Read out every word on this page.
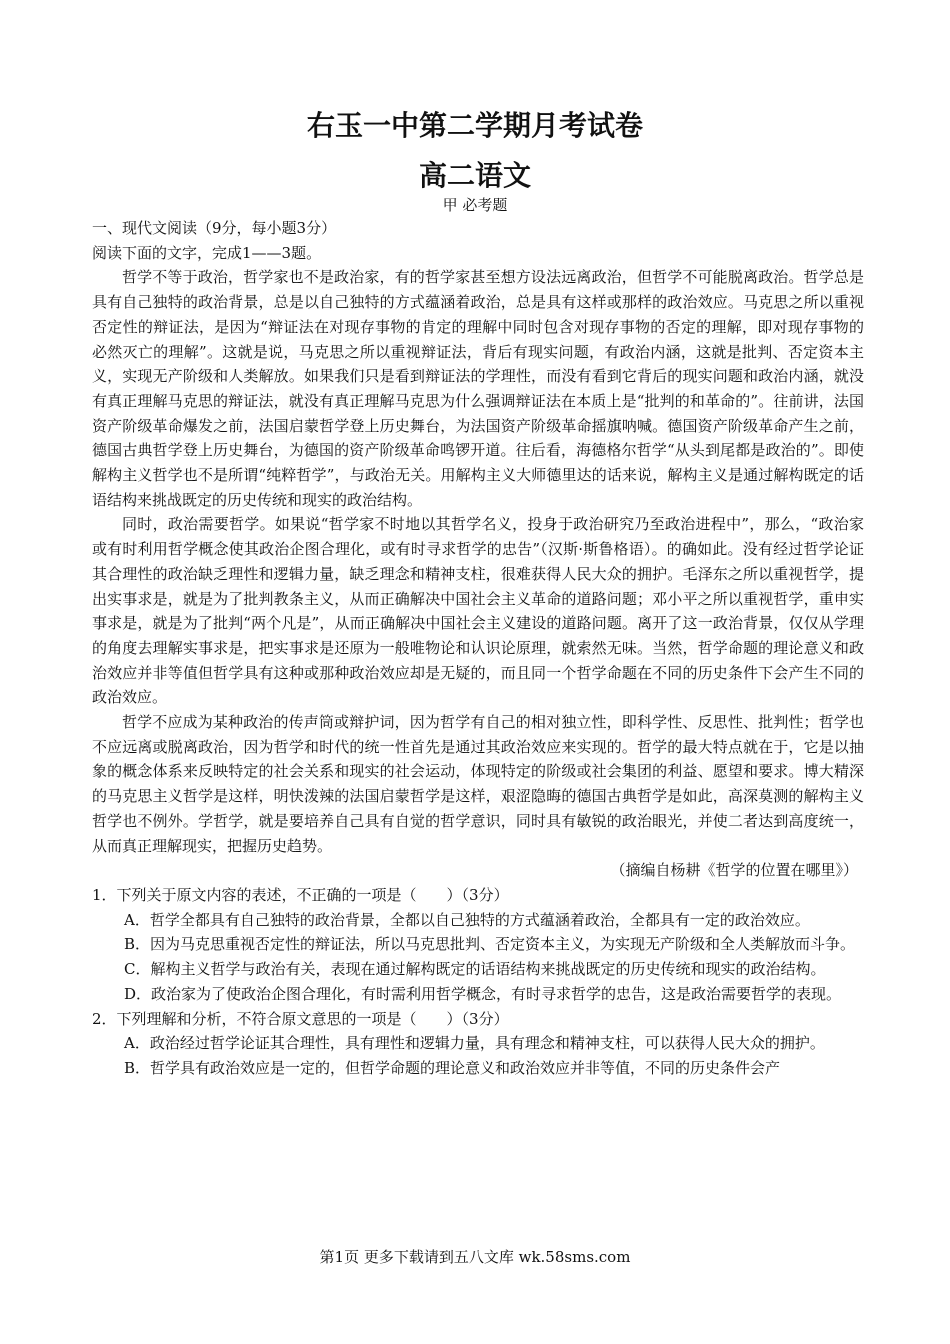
右玉一中第二学期月考试卷
高二语文
甲 必考题

一、现代文阅读（9分，每小题3分）

阅读下面的文字，完成1——3题。

哲学不等于政治，哲学家也不是政治家，有的哲学家甚至想方设法远离政治，但哲学不可能脱离政治。哲学总是具有自己独特的政治背景，总是以自己独特的方式蕴涵着政治，总是具有这样或那样的政治效应。马克思之所以重视否定性的辩证法，是因为“辩证法在对现存事物的肯定的理解中同时包含对现存事物的否定的理解，即对现存事物的必然灭亡的理解”。这就是说，马克思之所以重视辩证法，背后有现实问题，有政治内涵，这就是批判、否定资本主义，实现无产阶级和人类解放。如果我们只是看到辩证法的学理性，而没有看到它背后的现实问题和政治内涵，就没有真正理解马克思的辩证法，就没有真正理解马克思为什么强调辩证法在本质上是“批判的和革命的”。往前讲，法国资产阶级革命爆发之前，法国启蒙哲学登上历史舞台，为法国资产阶级革命摇旗呐喊。德国资产阶级革命产生之前，德国古典哲学登上历史舞台，为德国的资产阶级革命鸣锣开道。往后看，海德格尔哲学“从头到尾都是政治的”。即使解构主义哲学也不是所谓“纯粹哲学”，与政治无关。用解构主义大师德里达的话来说，解构主义是通过解构既定的话语结构来挑战既定的历史传统和现实的政治结构。

同时，政治需要哲学。如果说“哲学家不时地以其哲学名义，投身于政治研究乃至政治进程中”，那么，“政治家或有时利用哲学概念使其政治企图合理化，或有时寻求哲学的忠告”（汉斯·斯鲁格语）。的确如此。没有经过哲学论证其合理性的政治缺乏理性和逻辑力量，缺乏理念和精神支柱，很难获得人民大众的拥护。毛泽东之所以重视哲学，提出实事求是，就是为了批判教条主义，从而正确解决中国社会主义革命的道路问题；邓小平之所以重视哲学，重申实事求是，就是为了批判“两个凡是”，从而正确解决中国社会主义建设的道路问题。离开了这一政治背景，仅仅从学理的角度去理解实事求是，把实事求是还原为一般唯物论和认识论原理，就索然无味。当然，哲学命题的理论意义和政治效应并非等值但哲学具有这种或那种政治效应却是无疑的，而且同一个哲学命题在不同的历史条件下会产生不同的政治效应。

哲学不应成为某种政治的传声筒或辩护词，因为哲学有自己的相对独立性，即科学性、反思性、批判性；哲学也不应远离或脱离政治，因为哲学和时代的统一性首先是通过其政治效应来实现的。哲学的最大特点就在于，它是以抽象的概念体系来反映特定的社会关系和现实的社会运动，体现特定的阶级或社会集团的利益、愿望和要求。博大精深的马克思主义哲学是这样，明快泼辣的法国启蒙哲学是这样，艰涩隐晦的德国古典哲学是如此，高深莫测的解构主义哲学也不例外。学哲学，就是要培养自己具有自觉的哲学意识，同时具有敏锐的政治眼光，并使二者达到高度统一，从而真正理解现实，把握历史趋势。

（摘编自杨耕《哲学的位置在哪里》）

1．下列关于原文内容的表述，不正确的一项是（　　）（3分）

A．哲学全都具有自己独特的政治背景，全都以自己独特的方式蕴涵着政治，全都具有一定的政治效应。

B．因为马克思重视否定性的辩证法，所以马克思批判、否定资本主义，为实现无产阶级和全人类解放而斗争。

C．解构主义哲学与政治有关，表现在通过解构既定的话语结构来挑战既定的历史传统和现实的政治结构。

D．政治家为了使政治企图合理化，有时需利用哲学概念，有时寻求哲学的忠告，这是政治需要哲学的表现。

2．下列理解和分析，不符合原文意思的一项是（　　）（3分）

A．政治经过哲学论证其合理性，具有理性和逻辑力量，具有理念和精神支柱，可以获得人民大众的拥护。

B．哲学具有政治效应是一定的，但哲学命题的理论意义和政治效应并非等值，不同的历史条件会产

第1页 更多下载请到五八文库 wk.58sms.com
